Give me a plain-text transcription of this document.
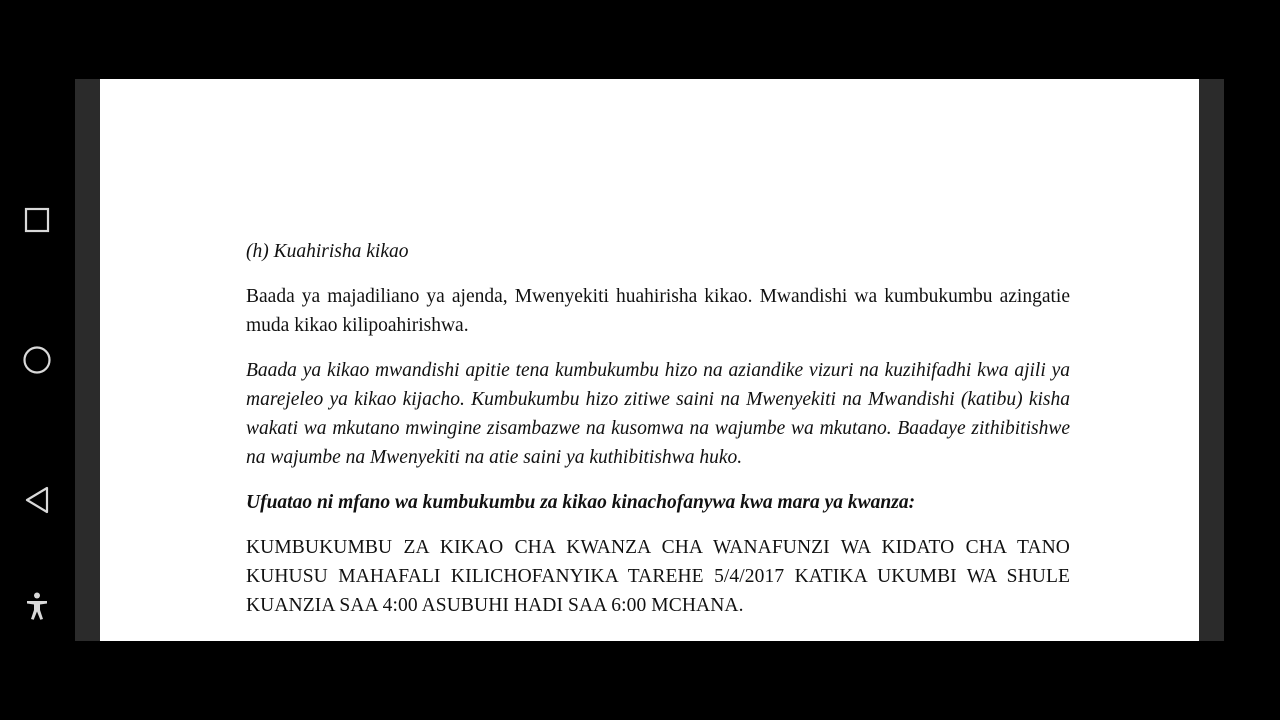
(h) Kuahirisha kikao

Baada ya majadiliano ya ajenda, Mwenyekiti huahirisha kikao. Mwandishi wa kumbukumbu azingatie muda kikao kilipoahirishwa.

Baada ya kikao mwandishi apitie tena kumbukumbu hizo na aziandike vizuri na kuzihifadhi kwa ajili ya marejeleo ya kikao kijacho. Kumbukumbu hizo zitiwe saini na Mwenyekiti na Mwandishi (katibu) kisha wakati wa mkutano mwingine zisambazwe na kusomwa na wajumbe wa mkutano. Baadaye zithibitishwe na wajumbe na Mwenyekiti na atie saini ya kuthibitishwa huko.

Ufuatao ni mfano wa kumbukumbu za kikao kinachofanywa kwa mara ya kwanza:

KUMBUKUMBU ZA KIKAO CHA KWANZA CHA WANAFUNZI WA KIDATO CHA TANO KUHUSU MAHAFALI KILICHOFANYIKA TAREHE 5/4/2017 KATIKA UKUMBI WA SHULE KUANZIA SAA 4:00 ASUBUHI HADI SAA 6:00 MCHANA.
